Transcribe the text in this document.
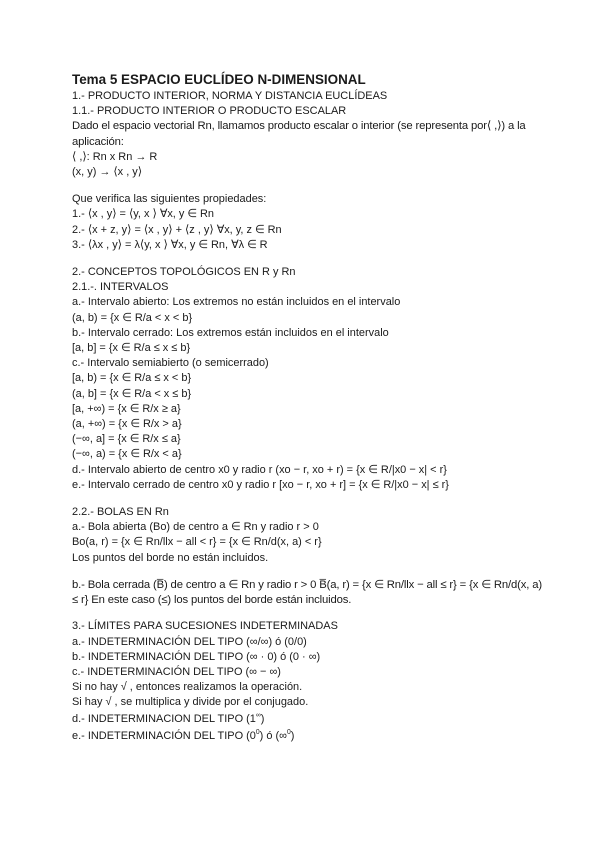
Tema 5 ESPACIO EUCLÍDEO N-DIMENSIONAL
1.- PRODUCTO INTERIOR, NORMA Y DISTANCIA EUCLÍDEAS
1.1.- PRODUCTO INTERIOR O PRODUCTO ESCALAR
Dado el espacio vectorial Rn, llamamos producto escalar o interior (se representa por⟨ ,⟩) a la aplicación:
⟨ ,⟩: Rn x Rn → R
(x, y) → ⟨x , y⟩
Que verifica las siguientes propiedades:
1.- ⟨x , y⟩ = ⟨y, x ⟩ ∀x, y ∈ Rn
2.- ⟨x + z, y⟩ = ⟨x , y⟩ + ⟨z , y⟩ ∀x, y, z ∈ Rn
3.- ⟨λx , y⟩ = λ⟨y, x ⟩ ∀x, y ∈ Rn, ∀λ ∈ R
2.- CONCEPTOS TOPOLÓGICOS EN R y Rn
2.1.-. INTERVALOS
a.- Intervalo abierto: Los extremos no están incluidos en el intervalo
(a, b) = {x ∈ R/a < x < b}
b.- Intervalo cerrado: Los extremos están incluidos en el intervalo
[a, b] = {x ∈ R/a ≤ x ≤ b}
c.- Intervalo semiabierto (o semicerrado)
[a, b) = {x ∈ R/a ≤ x < b}
(a, b] = {x ∈ R/a < x ≤ b}
[a, +∞) = {x ∈ R/x ≥ a}
(a, +∞) = {x ∈ R/x > a}
(−∞, a] = {x ∈ R/x ≤ a}
(−∞, a) = {x ∈ R/x < a}
d.- Intervalo abierto de centro x0 y radio r (xo − r, xo + r) = {x ∈ R/|x0 − x| < r}
e.- Intervalo cerrado de centro x0 y radio r [xo − r, xo + r] = {x ∈ R/|x0 − x| ≤ r}
2.2.- BOLAS EN Rn
a.- Bola abierta (Bo) de centro a ∈ Rn y radio r > 0
Bo(a, r) = {x ∈ Rn/llx − all < r} = {x ∈ Rn/d(x, a) < r}
Los puntos del borde no están incluidos.
b.- Bola cerrada (B̅) de centro a ∈ Rn y radio r > 0 B̅(a, r) = {x ∈ Rn/llx − all ≤ r} = {x ∈ Rn/d(x, a) ≤ r} En este caso (≤) los puntos del borde están incluidos.
3.- LÍMITES PARA SUCESIONES INDETERMINADAS
a.- INDETERMINACIÓN DEL TIPO (∞/∞) ó (0/0)
b.- INDETERMINACIÓN DEL TIPO (∞ · 0) ó (0 · ∞)
c.- INDETERMINACIÓN DEL TIPO (∞ − ∞)
Si no hay √ , entonces realizamos la operación.
Si hay √ , se multiplica y divide por el conjugado.
d.- INDETERMINACION DEL TIPO (1∞)
e.- INDETERMINACIÓN DEL TIPO $(0^0)$ ó (∞$^0$)
